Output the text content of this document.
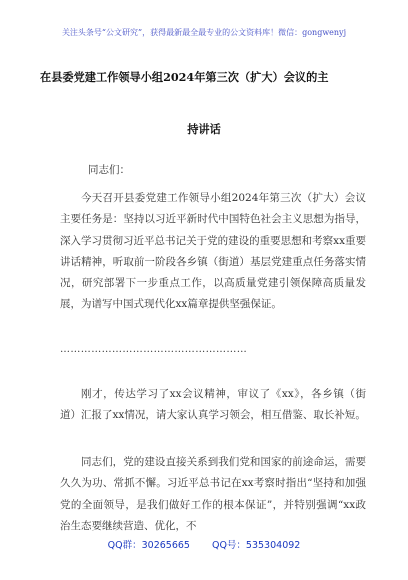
关注头条号“公文研究”，获得最新最全最专业的公文资料库！微信：gongwenyj
在县委党建工作领导小组2024年第三次（扩大）会议的主
持讲话
同志们：
今天召开县委党建工作领导小组2024年第三次（扩大）会议主要任务是：坚持以习近平新时代中国特色社会主义思想为指导，深入学习贯彻习近平总书记关于党的建设的重要思想和考察xx重要讲话精神，听取前一阶段各乡镇（街道）基层党建重点任务落实情况，研究部署下一步重点工作，以高质量党建引领保障高质量发展，为谱写中国式现代化xx篇章提供坚强保证。
………………………………………………
刚才，传达学习了xx会议精神，审议了《xx》，各乡镇（街道）汇报了xx情况，请大家认真学习领会，相互借鉴、取长补短。
同志们，党的建设直接关系到我们党和国家的前途命运，需要久久为功、常抓不懈。习近平总书记在xx考察时指出“坚持和加强党的全面领导，是我们做好工作的根本保证”，并特别强调“xx政治生态要继续营造、优化，不
QQ群：30265665 QQ号：535304092
